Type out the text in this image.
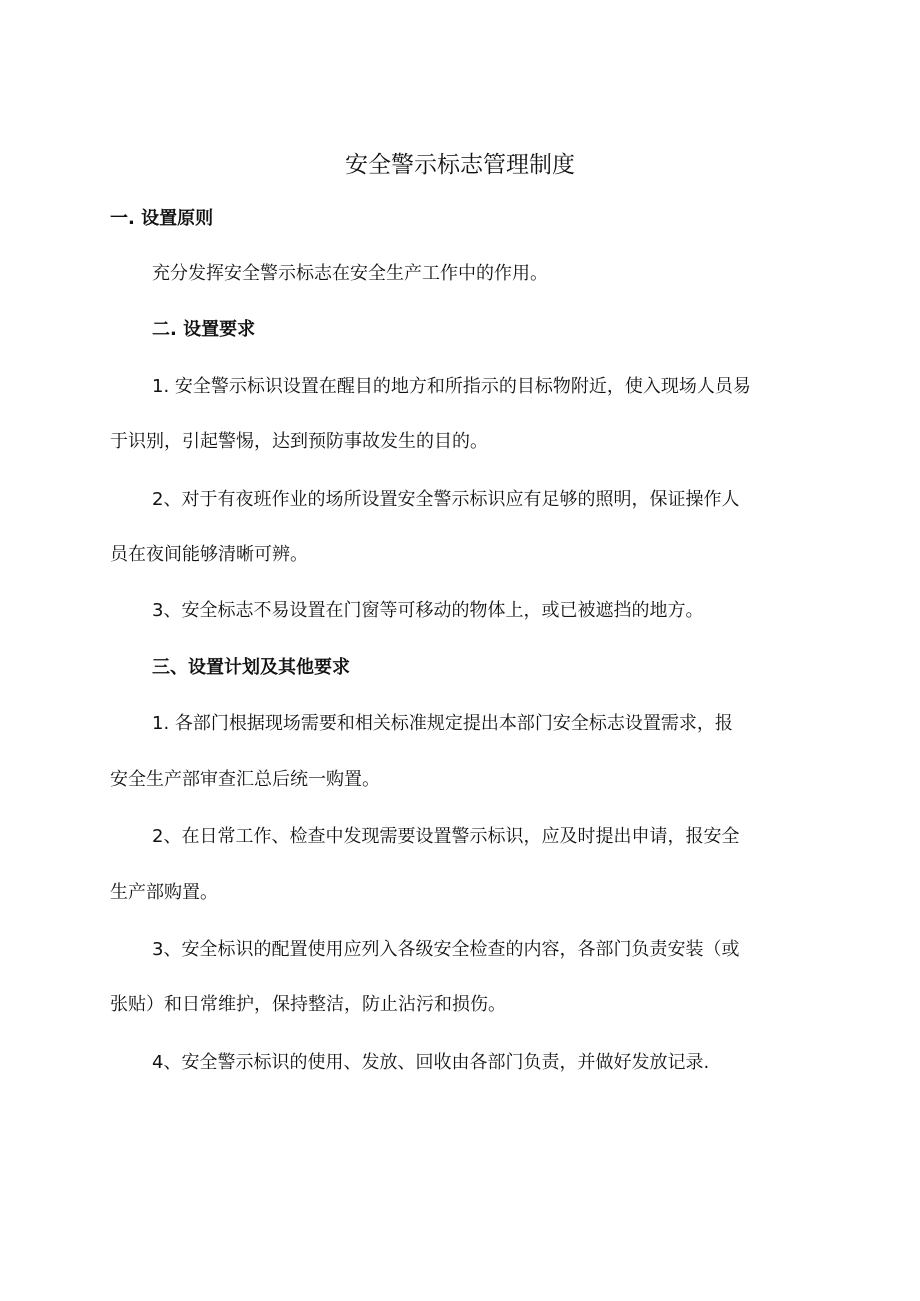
安全警示标志管理制度

一. 设置原则

充分发挥安全警示标志在安全生产工作中的作用。

二. 设置要求

1. 安全警示标识设置在醒目的地方和所指示的目标物附近，使入现场人员易

于识别，引起警惕，达到预防事故发生的目的。

2、对于有夜班作业的场所设置安全警示标识应有足够的照明，保证操作人

员在夜间能够清晰可辨。

3、安全标志不易设置在门窗等可移动的物体上，或已被遮挡的地方。

三、设置计划及其他要求

1. 各部门根据现场需要和相关标准规定提出本部门安全标志设置需求，报

安全生产部审查汇总后统一购置。

2、在日常工作、检查中发现需要设置警示标识，应及时提出申请，报安全

生产部购置。

3、安全标识的配置使用应列入各级安全检查的内容，各部门负责安装（或

张贴）和日常维护，保持整洁，防止沾污和损伤。

4、安全警示标识的使用、发放、回收由各部门负责，并做好发放记录.
